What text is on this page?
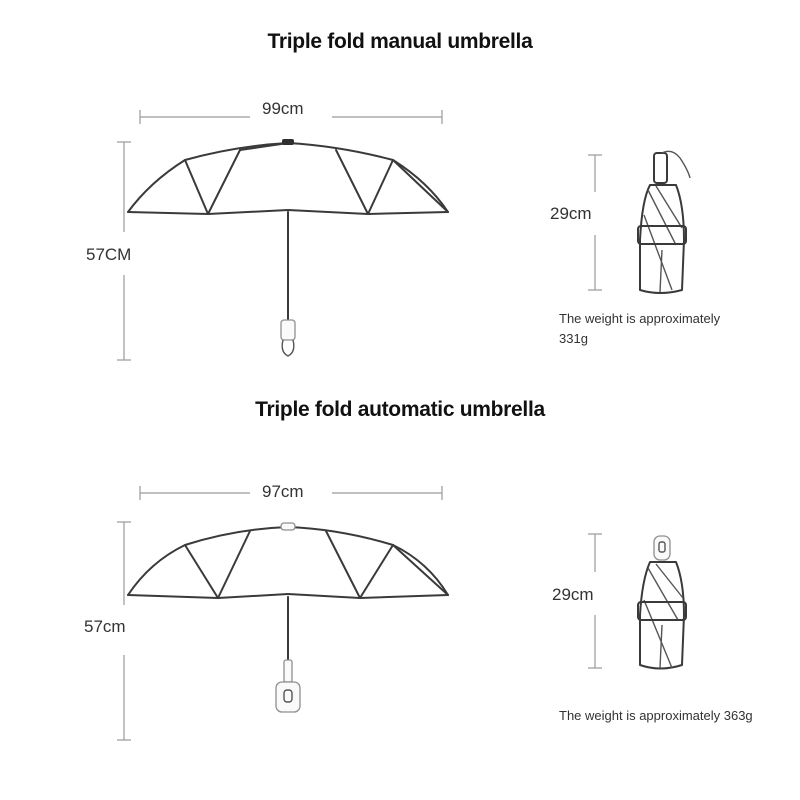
Triple fold manual umbrella
Triple fold automatic umbrella
99cm
57CM
29cm
The weight is approximately
331g
97cm
57cm
29cm
The weight is approximately 363g
